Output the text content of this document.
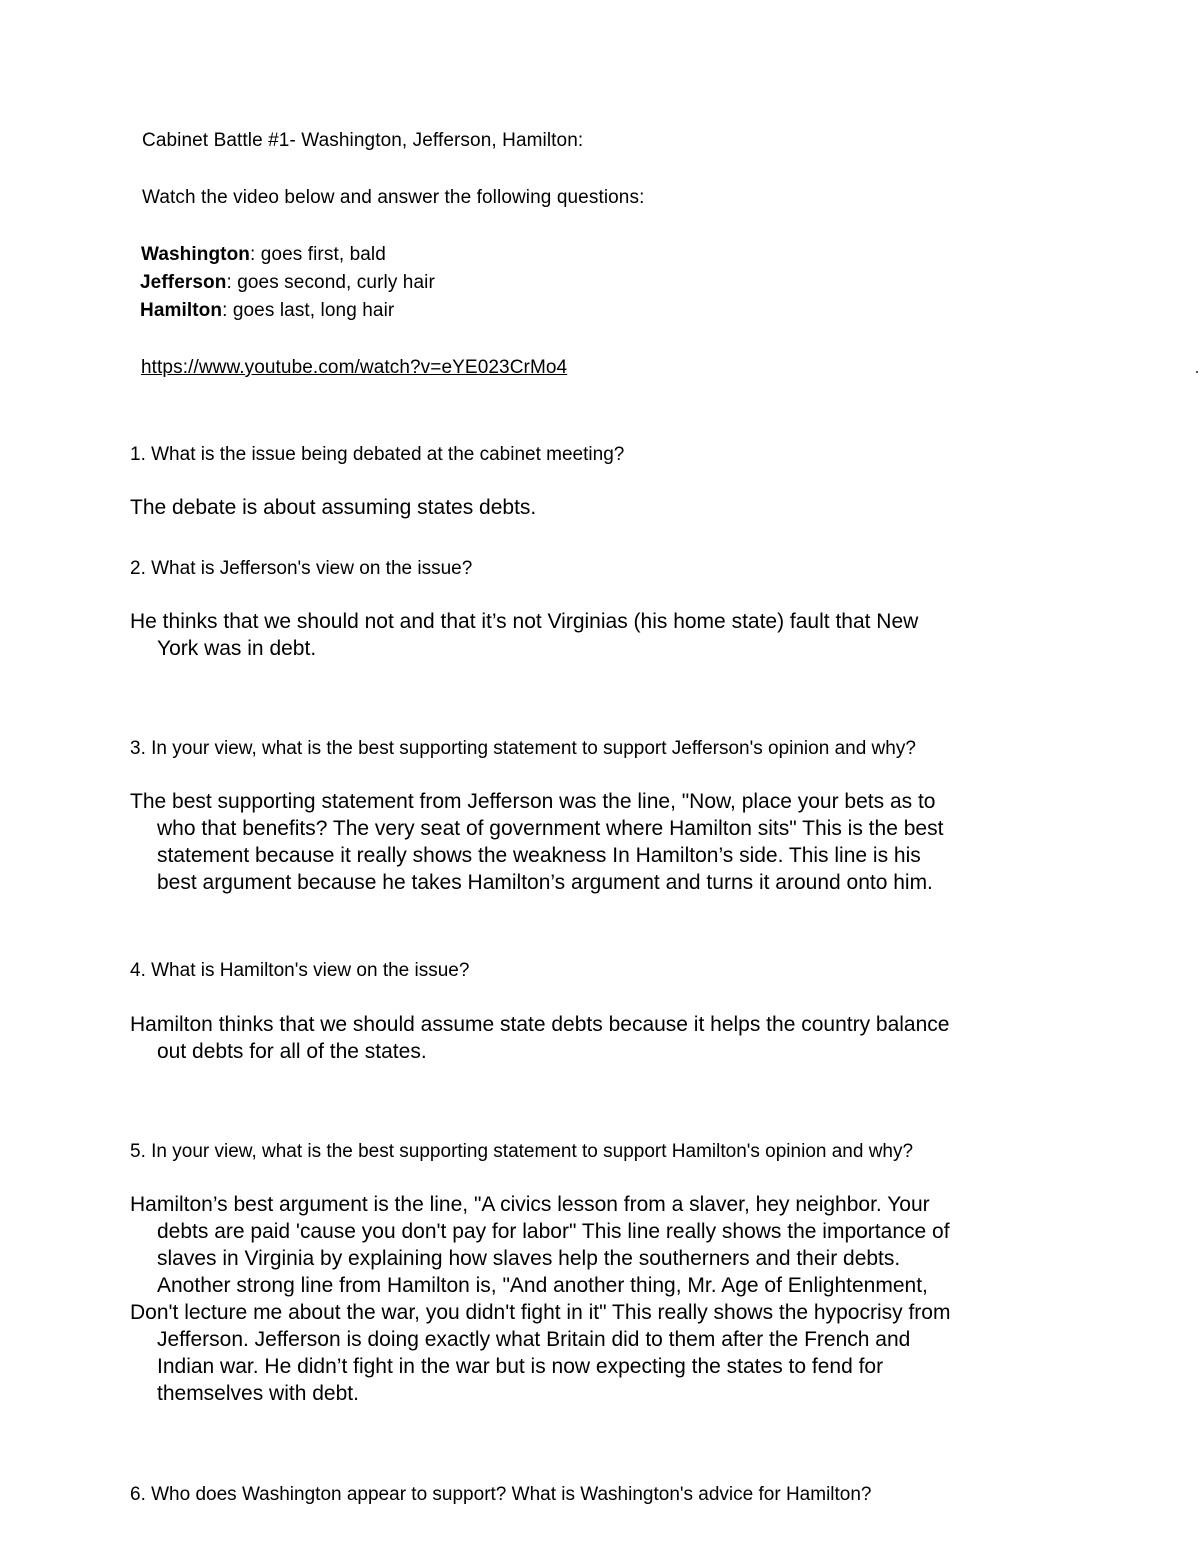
Cabinet Battle #1- Washington, Jefferson, Hamilton:
Watch the video below and answer the following questions:
Washington: goes first, bald
Jefferson: goes second, curly hair
Hamilton: goes last, long hair
https://www.youtube.com/watch?v=eYE023CrMo4
1. What is the issue being debated at the cabinet meeting?
The debate is about assuming states debts.
2. What is Jefferson's view on the issue?
He thinks that we should not and that it’s not Virginias (his home state) fault that New
York was in debt.
3. In your view, what is the best supporting statement to support Jefferson's opinion and why?
The best supporting statement from Jefferson was the line, "Now, place your bets as to
who that benefits? The very seat of government where Hamilton sits" This is the best
statement because it really shows the weakness In Hamilton’s side. This line is his
best argument because he takes Hamilton’s argument and turns it around onto him.
4. What is Hamilton's view on the issue?
Hamilton thinks that we should assume state debts because it helps the country balance
out debts for all of the states.
5. In your view, what is the best supporting statement to support Hamilton's opinion and why?
Hamilton’s best argument is the line, "A civics lesson from a slaver, hey neighbor. Your
debts are paid 'cause you don't pay for labor" This line really shows the importance of
slaves in Virginia by explaining how slaves help the southerners and their debts.
Another strong line from Hamilton is, "And another thing, Mr. Age of Enlightenment,
Don't lecture me about the war, you didn't fight in it" This really shows the hypocrisy from
Jefferson. Jefferson is doing exactly what Britain did to them after the French and
Indian war. He didn’t fight in the war but is now expecting the states to fend for
themselves with debt.
6. Who does Washington appear to support? What is Washington's advice for Hamilton?
